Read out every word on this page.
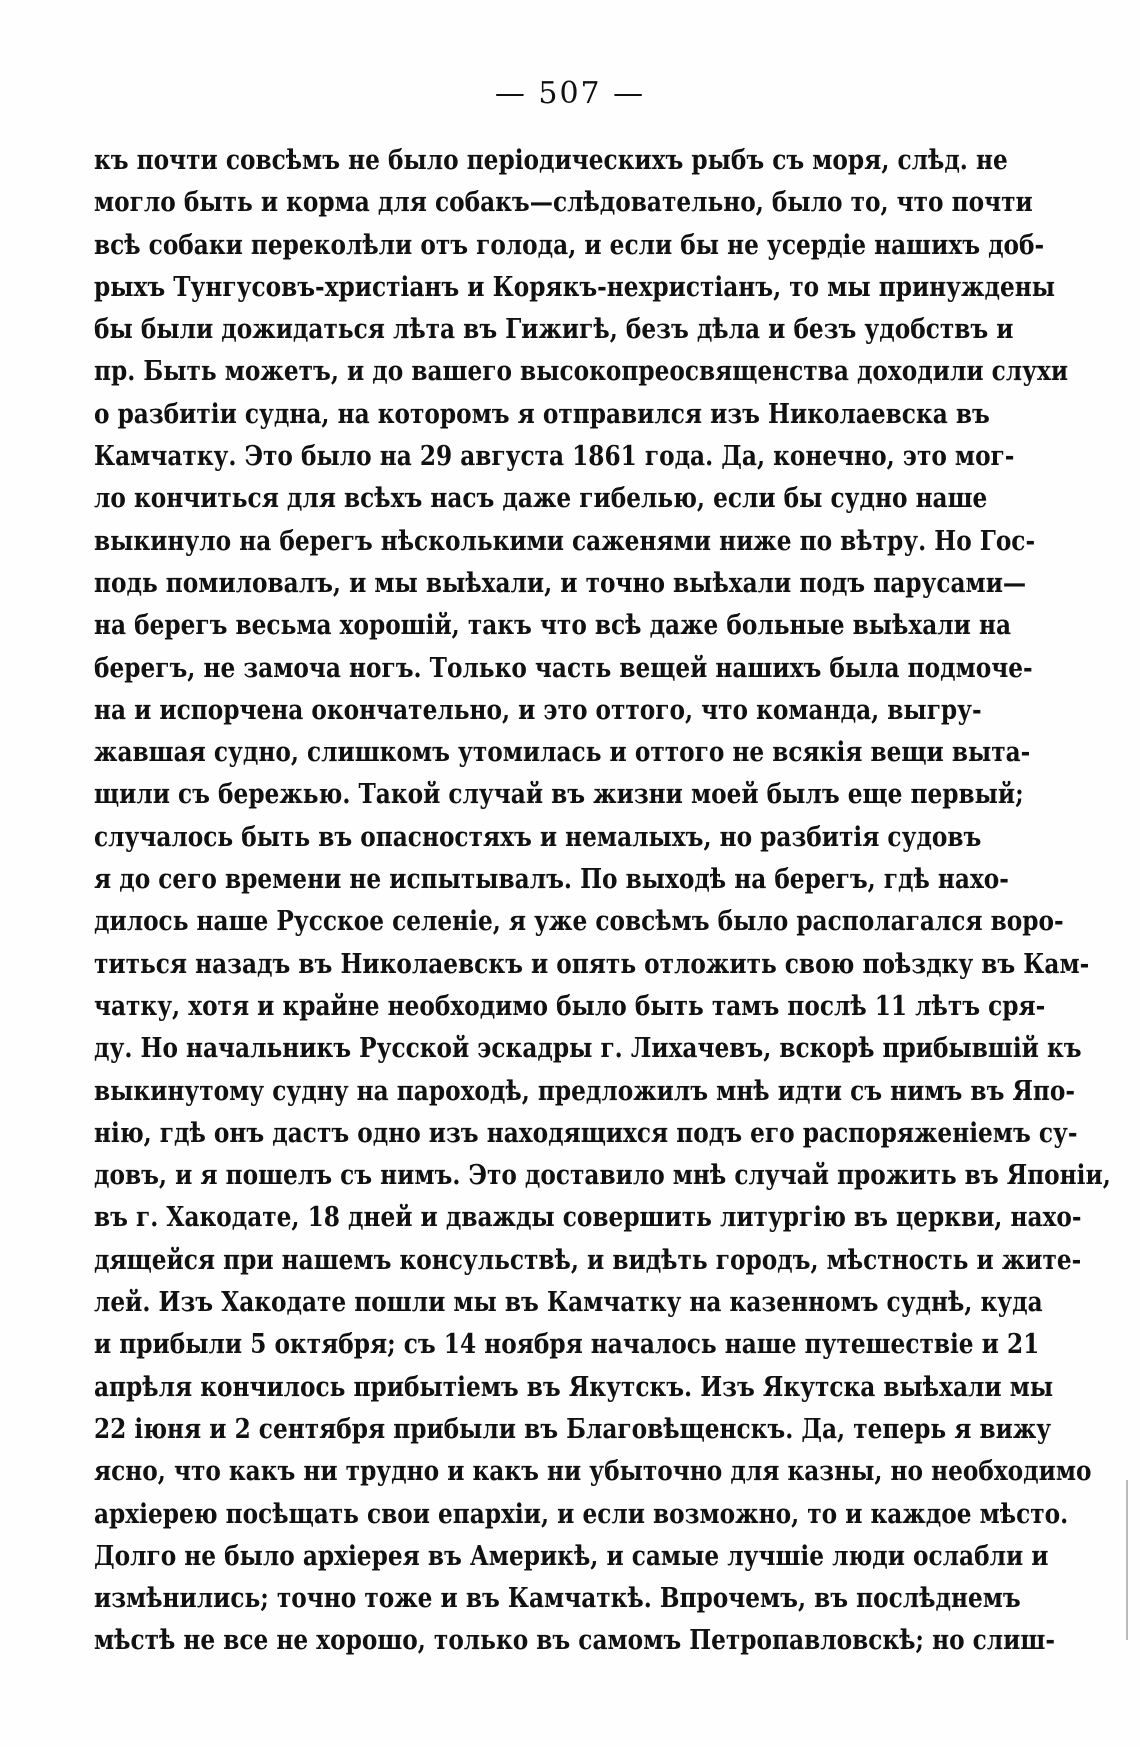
— 507 —
къ почти совсѣмъ не было періодическихъ рыбъ съ моря, слѣд. не
могло быть и корма для собакъ—слѣдовательно, было то, что почти
всѣ собаки переколѣли отъ голода, и если бы не усердіе нашихъ доб-
рыхъ Тунгусовъ-христіанъ и Корякъ-нехристіанъ, то мы принуждены
бы были дожидаться лѣта въ Гижигѣ, безъ дѣла и безъ удобствъ и
пр. Быть можетъ, и до вашего высокопреосвященства доходили слухи
о разбитіи судна, на которомъ я отправился изъ Николаевска въ
Камчатку. Это было на 29 августа 1861 года. Да, конечно, это мог-
ло кончиться для всѣхъ насъ даже гибелью, если бы судно наше
выкинуло на берегъ нѣсколькими саженями ниже по вѣтру. Но Гос-
подь помиловалъ, и мы выѣхали, и точно выѣхали подъ парусами—
на берегъ весьма хорошій, такъ что всѣ даже больные выѣхали на
берегъ, не замоча ногъ. Только часть вещей нашихъ была подмоче-
на и испорчена окончательно, и это оттого, что команда, выгру-
жавшая судно, слишкомъ утомилась и оттого не всякія вещи выта-
щили съ бережью. Такой случай въ жизни моей былъ еще первый;
случалось быть въ опасностяхъ и немалыхъ, но разбитія судовъ
я до сего времени не испытывалъ. По выходѣ на берегъ, гдѣ нахо-
дилось наше Русское селеніе, я уже совсѣмъ было располагался воро-
титься назадъ въ Николаевскъ и опять отложить свою поѣздку въ Кам-
чатку, хотя и крайне необходимо было быть тамъ послѣ 11 лѣтъ сря-
ду. Но начальникъ Русской эскадры г. Лихачевъ, вскорѣ прибывшій къ
выкинутому судну на пароходѣ, предложилъ мнѣ идти съ нимъ въ Япо-
нію, гдѣ онъ дастъ одно изъ находящихся подъ его распоряженіемъ су-
довъ, и я пошелъ съ нимъ. Это доставило мнѣ случай прожить въ Японіи,
въ г. Хакодате, 18 дней и дважды совершить литургію въ церкви, нахо-
дящейся при нашемъ консульствѣ, и видѣть городъ, мѣстность и жите-
лей. Изъ Хакодате пошли мы въ Камчатку на казенномъ суднѣ, куда
и прибыли 5 октября; съ 14 ноября началось наше путешествіе и 21
апрѣля кончилось прибытіемъ въ Якутскъ. Изъ Якутска выѣхали мы
22 іюня и 2 сентября прибыли въ Благовѣщенскъ. Да, теперь я вижу
ясно, что какъ ни трудно и какъ ни убыточно для казны, но необходимо
архіерею посѣщать свои епархіи, и если возможно, то и каждое мѣсто.
Долго не было архіерея въ Америкѣ, и самые лучшіе люди ослабли и
измѣнились; точно тоже и въ Камчаткѣ. Впрочемъ, въ послѣднемъ
мѣстѣ не все не хорошо, только въ самомъ Петропавловскѣ; но слиш-
